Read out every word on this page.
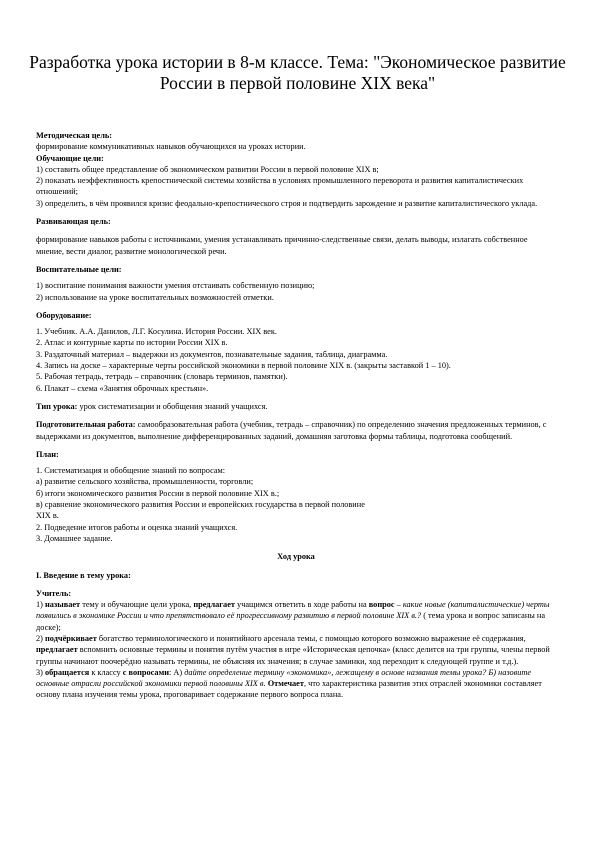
Разработка урока истории в 8-м классе. Тема: "Экономическое развитие России в первой половине XIX века"

Методическая цель:

формирование коммуникативных навыков обучающихся на уроках истории.

Обучающие цели:

1) составить общее представление об экономическом развитии России в первой половине XIX в;

2) показать неэффективность крепостнической системы хозяйства в условиях промышленного переворота и развития капиталистических отношений;

3) определить, в чём проявился кризис феодально-крепостнического строя и подтвердить зарождение и развитие капиталистического уклада.

Развивающая цель:

формирование навыков работы с источниками, умения устанавливать причинно-следственные связи, делать выводы, излагать собственное мнение, вести диалог, развитие монологической речи.

Воспитательные цели:

1) воспитание понимания важности умения отстаивать собственную позицию;

2) использование на уроке воспитательных возможностей отметки.

Оборудование:

1. Учебник. А.А. Данилов, Л.Г. Косулина. История России. XIX век.

2. Атлас и контурные карты по истории России XIX в.

3. Раздаточный материал – выдержки из документов, познавательные задания, таблица, диаграмма.

4. Запись на доске – характерные черты российской экономики в первой половине XIX в. (закрыты заставкой 1 – 10).

5. Рабочая тетрадь, тетрадь – справочник (словарь терминов, памятки).

6. Плакат – схема «Занятия оброчных крестьян».

Тип урока: урок систематизации и обобщения знаний учащихся.

Подготовительная работа: самообразовательная работа (учебник, тетрадь – справочник) по определению значения предложенных терминов, с выдержками из документов, выполнение дифференцированных заданий, домашняя заготовка формы таблицы, подготовка сообщений.

План:

1. Систематизация и обобщение знаний по вопросам:

а) развитие сельского хозяйства, промышленности, торговли;

б) итоги экономического развития России в первой половине XIX в.;

в) сравнение экономического развития России и европейских государства в первой половине

XIX в.

2. Подведение итогов работы и оценка знаний учащихся.

3. Домашнее задание.

Ход урока

I. Введение в тему урока:

Учитель:

1) называет тему и обучающие цели урока, предлагает учащимся ответить в ходе работы на вопрос – какие новые (капиталистические) черты появились в экономике России и что препятствовало её прогрессивному развитию в первой половине XIX в.? ( тема урока и вопрос записаны на доске);

2) подчёркивает богатство терминологического и понятийного арсенала темы, с помощью которого возможно выражение её содержания, предлагает вспомнить основные термины и понятия путём участия в игре «Историческая цепочка» (класс делится на три группы, члены первой группы начинают поочерёдно называть термины, не объясняя их значения; в случае заминки, ход переходит к следующей группе и т.д.).

3) обращается к классу с вопросами: А) дайте определение термину «экономика», лежащему в основе названия темы урока? Б) назовите основные отрасли российской экономики первой половины XIX в. Отмечает, что характеристика развития этих отраслей экономики составляет основу плана изучения темы урока, проговаривает содержание первого вопроса плана.
